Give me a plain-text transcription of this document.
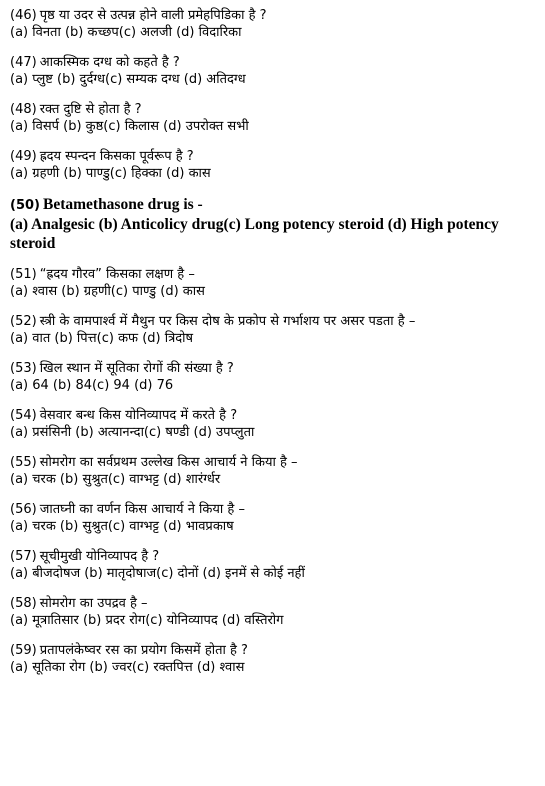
(46) पृष्ठ या उदर से उत्पन्न होने वाली प्रमेहपिडिका है ?
(a) विनता (b) कच्छप(c) अलजी (d) विदारिका
(47) आकस्मिक दग्ध को कहते है ?
(a) प्लुष्ट (b) दुर्दग्ध(c) सम्यक दग्ध (d) अतिदग्ध
(48) रक्त दुष्टि से होता है ?
(a) विसर्प (b) कुष्ठ(c) किलास (d) उपरोक्त सभी
(49) ह्रदय स्पन्दन किसका पूर्वरूप है ?
(a) ग्रहणी (b) पाण्डु(c) हिक्का (d) कास
(50) Betamethasone drug is -
(a) Analgesic (b) Anticolicy drug(c) Long potency steroid (d) High potency steroid
(51) “ह्रदय गौरव” किसका लक्षण है –
(a) श्वास (b) ग्रहणी(c) पाण्डु (d) कास
(52) स्त्री के वामपार्श्व में मैथुन पर किस दोष के प्रकोप से गर्भाशय पर असर पडता है –
(a) वात (b) पित्त(c) कफ (d) त्रिदोष
(53) खिल स्थान में सूतिका रोगों की संख्या है ?
(a) 64 (b) 84(c) 94 (d) 76
(54) वेसवार बन्ध किस योनिव्यापद में करते है ?
(a) प्रसंसिनी (b) अत्यानन्दा(c) षण्डी (d) उपप्लुता
(55) सोमरोग का सर्वप्रथम उल्लेख किस आचार्य ने किया है –
(a) चरक (b) सुश्रुत(c) वाग्भट्ट (d) शारंर्ग्धर
(56) जातघ्नी का वर्णन किस आचार्य ने किया है –
(a) चरक (b) सुश्रुत(c) वाग्भट्ट (d) भावप्रकाष
(57) सूचीमुखी योनिव्यापद है ?
(a) बीजदोषज (b) मातृदोषाज(c) दोनों (d) इनमें से कोई नहीं
(58) सोमरोग का उपद्रव है –
(a) मूत्रातिसार (b) प्रदर रोग(c) योनिव्यापद (d) वस्तिरोग
(59) प्रतापलंकेष्वर रस का प्रयोग किसमें होता है ?
(a) सूतिका रोग (b) ज्वर(c) रक्तपित्त (d) श्वास
